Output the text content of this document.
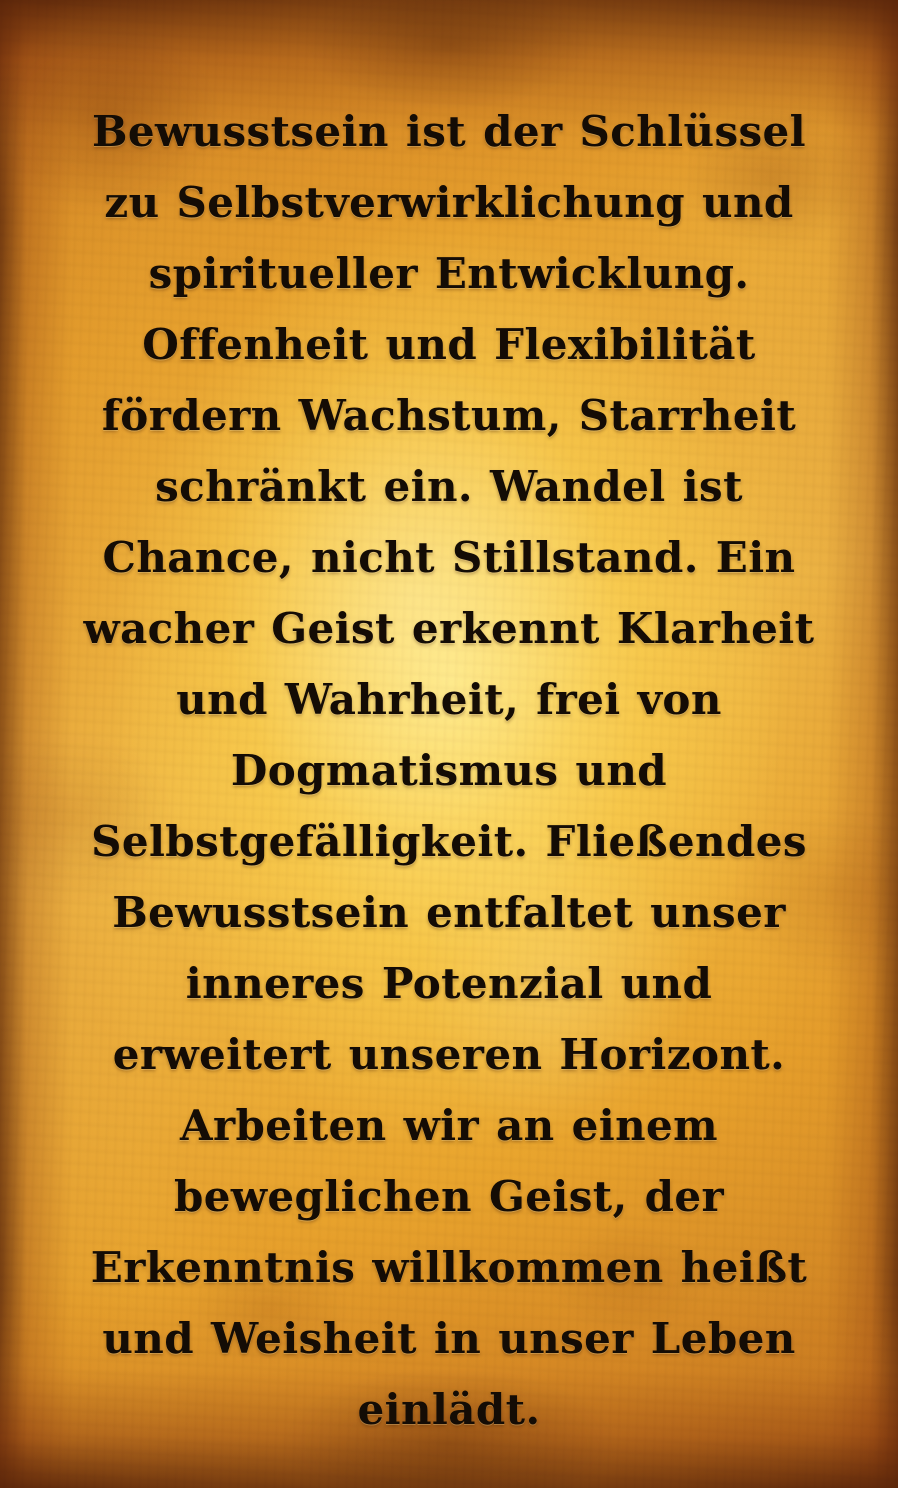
Bewusstsein ist der Schlüssel zu Selbstverwirklichung und spiritueller Entwicklung. Offenheit und Flexibilität fördern Wachstum, Starrheit schränkt ein. Wandel ist Chance, nicht Stillstand. Ein wacher Geist erkennt Klarheit und Wahrheit, frei von Dogmatismus und Selbstgefälligkeit. Fließendes Bewusstsein entfaltet unser inneres Potenzial und erweitert unseren Horizont. Arbeiten wir an einem beweglichen Geist, der Erkenntnis willkommen heißt und Weisheit in unser Leben einlädt.
